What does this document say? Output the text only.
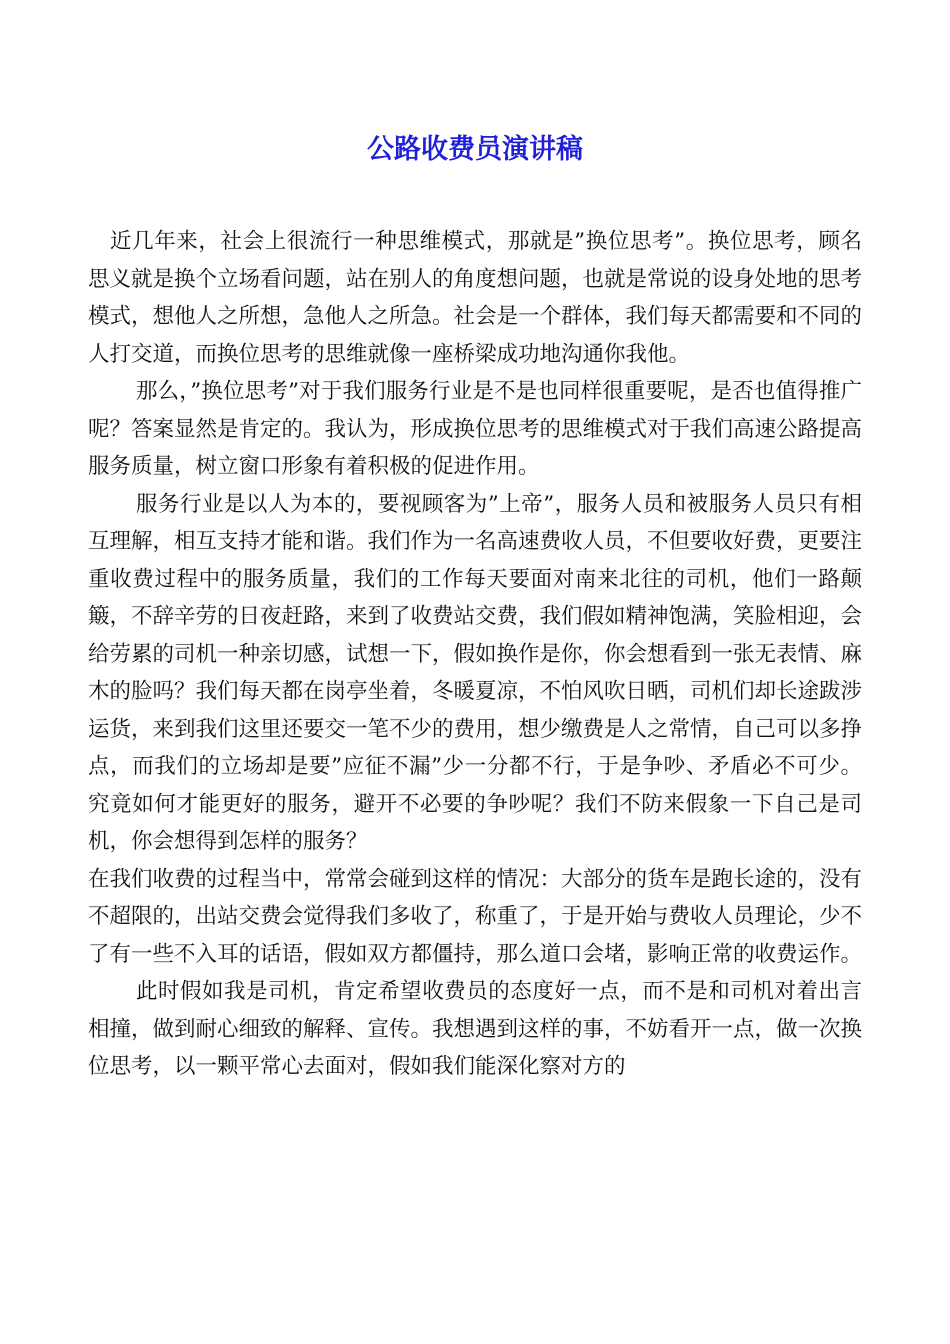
公路收费员演讲稿

近几年来，社会上很流行一种思维模式，那就是”换位思考”。换位思考，顾名思义就是换个立场看问题，站在别人的角度想问题，也就是常说的设身处地的思考模式，想他人之所想，急他人之所急。社会是一个群体，我们每天都需要和不同的人打交道，而换位思考的思维就像一座桥梁成功地沟通你我他。

那么，”换位思考”对于我们服务行业是不是也同样很重要呢，是否也值得推广呢？答案显然是肯定的。我认为，形成换位思考的思维模式对于我们高速公路提高服务质量，树立窗口形象有着积极的促进作用。

服务行业是以人为本的，要视顾客为”上帝”，服务人员和被服务人员只有相互理解，相互支持才能和谐。我们作为一名高速费收人员，不但要收好费，更要注重收费过程中的服务质量，我们的工作每天要面对南来北往的司机，他们一路颠簸，不辞辛劳的日夜赶路，来到了收费站交费，我们假如精神饱满，笑脸相迎，会给劳累的司机一种亲切感，试想一下，假如换作是你，你会想看到一张无表情、麻木的脸吗？我们每天都在岗亭坐着，冬暖夏凉，不怕风吹日晒，司机们却长途跋涉运货，来到我们这里还要交一笔不少的费用，想少缴费是人之常情，自己可以多挣点，而我们的立场却是要”应征不漏”少一分都不行，于是争吵、矛盾必不可少。究竟如何才能更好的服务，避开不必要的争吵呢？我们不防来假象一下自己是司机，你会想得到怎样的服务？

在我们收费的过程当中，常常会碰到这样的情况：大部分的货车是跑长途的，没有不超限的，出站交费会觉得我们多收了，称重了，于是开始与费收人员理论，少不了有一些不入耳的话语，假如双方都僵持，那么道口会堵，影响正常的收费运作。

此时假如我是司机，肯定希望收费员的态度好一点，而不是和司机对着出言相撞，做到耐心细致的解释、宣传。我想遇到这样的事，不妨看开一点，做一次换位思考，以一颗平常心去面对，假如我们能深化察对方的
